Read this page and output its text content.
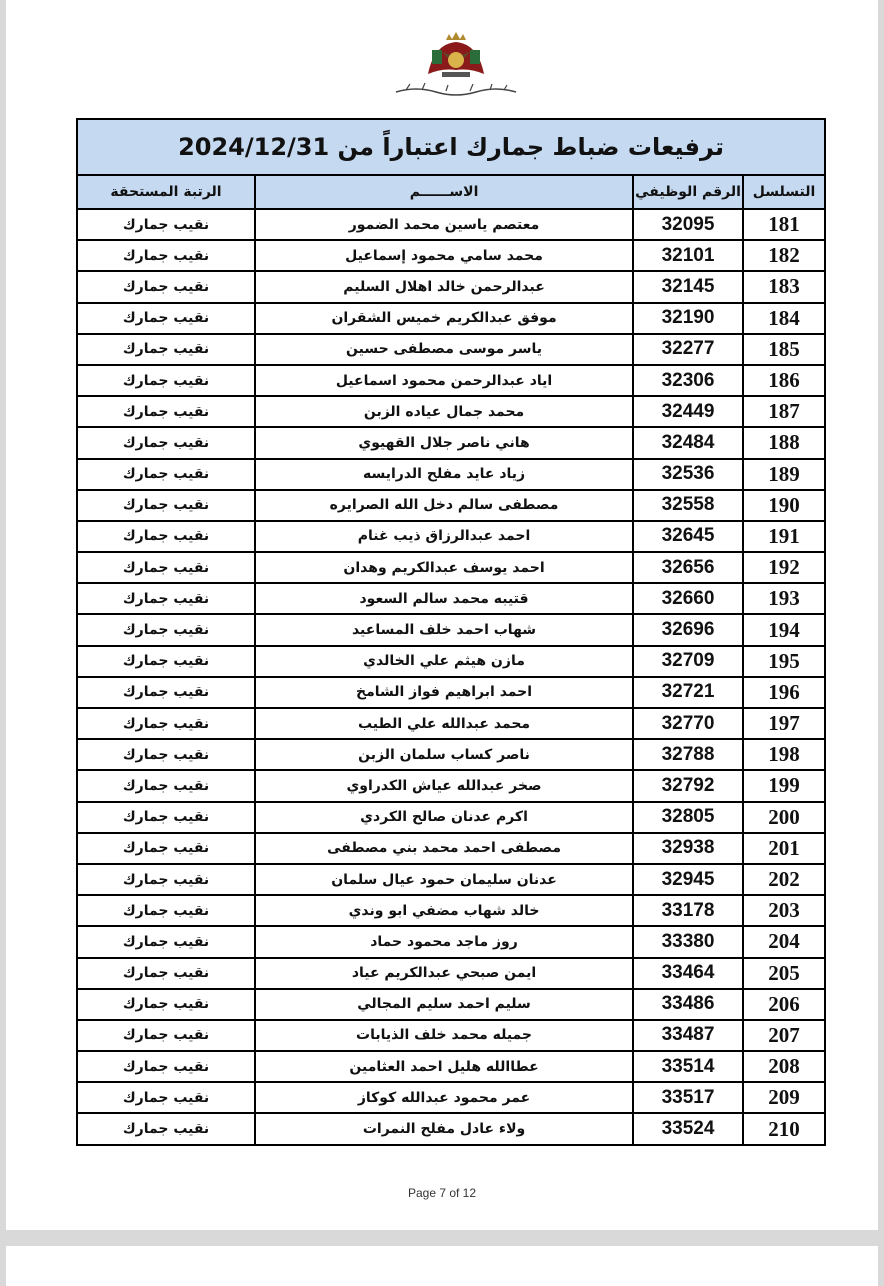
ترفيعات ضباط جمارك اعتباراً من 2024/12/31			
التسلسل	الرقم الوظيفي	الاســــــم	الرتبة المستحقة
181	32095	معتصم ياسين محمد الضمور	نقيب جمارك
182	32101	محمد سامي محمود إسماعيل	نقيب جمارك
183	32145	عبدالرحمن خالد اهلال السليم	نقيب جمارك
184	32190	موفق عبدالكريم خميس الشقران	نقيب جمارك
185	32277	ياسر موسى مصطفى حسين	نقيب جمارك
186	32306	اياد عبدالرحمن محمود اسماعيل	نقيب جمارك
187	32449	محمد جمال عياده الزبن	نقيب جمارك
188	32484	هاني ناصر جلال القهيوي	نقيب جمارك
189	32536	زياد عايد مفلح الدرايسه	نقيب جمارك
190	32558	مصطفى سالم دخل الله الصرايره	نقيب جمارك
191	32645	احمد عبدالرزاق ذيب غنام	نقيب جمارك
192	32656	احمد يوسف عبدالكريم وهدان	نقيب جمارك
193	32660	قتيبه محمد سالم السعود	نقيب جمارك
194	32696	شهاب احمد خلف المساعيد	نقيب جمارك
195	32709	مازن هيثم علي الخالدي	نقيب جمارك
196	32721	احمد ابراهيم فواز الشامخ	نقيب جمارك
197	32770	محمد عبدالله علي الطيب	نقيب جمارك
198	32788	ناصر كساب سلمان الزبن	نقيب جمارك
199	32792	صخر عبدالله عياش الكدراوي	نقيب جمارك
200	32805	اكرم عدنان صالح الكردي	نقيب جمارك
201	32938	مصطفى احمد محمد بني مصطفى	نقيب جمارك
202	32945	عدنان سليمان حمود عيال سلمان	نقيب جمارك
203	33178	خالد شهاب مضفي ابو وندي	نقيب جمارك
204	33380	روز ماجد محمود حماد	نقيب جمارك
205	33464	ايمن صبحي عبدالكريم عياد	نقيب جمارك
206	33486	سليم احمد سليم المجالي	نقيب جمارك
207	33487	جميله محمد خلف الذيابات	نقيب جمارك
208	33514	عطاالله هليل احمد العثامين	نقيب جمارك
209	33517	عمر محمود عبدالله كوكاز	نقيب جمارك
210	33524	ولاء عادل مفلح النمرات	نقيب جمارك
Page 7 of 12
